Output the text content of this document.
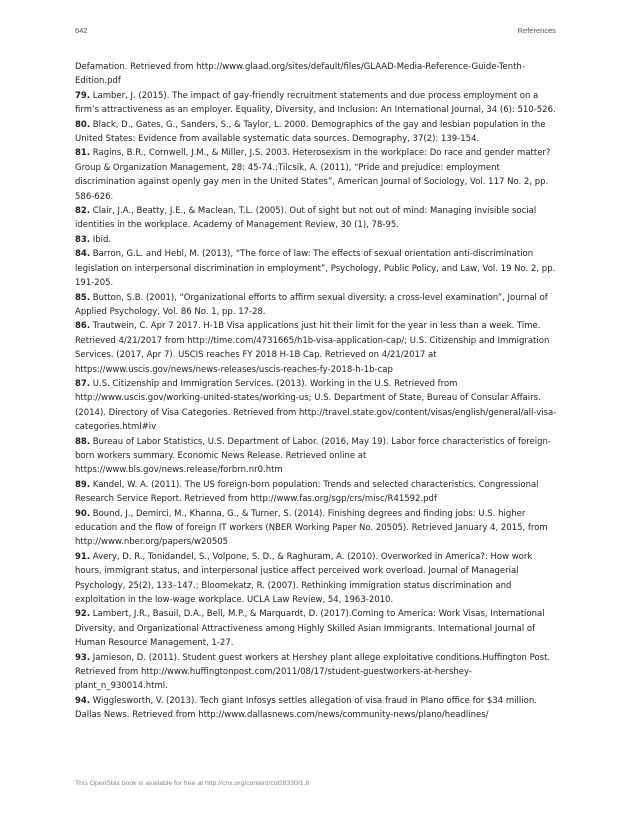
642	References

Defamation. Retrieved from http://www.glaad.org/sites/default/files/GLAAD-Media-Reference-Guide-Tenth-Edition.pdf

79. Lamber, J. (2015). The impact of gay-friendly recruitment statements and due process employment on a firm’s attractiveness as an employer. Equality, Diversity, and Inclusion: An International Journal, 34 (6): 510-526.

80. Black, D., Gates, G., Sanders, S., & Taylor, L. 2000. Demographics of the gay and lesbian population in the United States: Evidence from available systematic data sources. Demography, 37(2): 139-154.

81. Ragins, B.R., Cornwell, J.M., & Miller, J.S. 2003. Heterosexism in the workplace: Do race and gender matter? Group & Organization Management, 28: 45-74.;Tilcsik, A. (2011), “Pride and prejudice: employment discrimination against openly gay men in the United States”, American Journal of Sociology, Vol. 117 No. 2, pp. 586-626.

82. Clair, J.A., Beatty, J.E., & Maclean, T.L. (2005). Out of sight but not out of mind: Managing invisible social identities in the workplace. Academy of Management Review, 30 (1), 78-95.

83. Ibid.

84. Barron, G.L. and Hebl, M. (2013), “The force of law: The effects of sexual orientation anti-discrimination legislation on interpersonal discrimination in employment”, Psychology, Public Policy, and Law, Vol. 19 No. 2, pp. 191-205.

85. Button, S.B. (2001), “Organizational efforts to affirm sexual diversity: a cross-level examination”, Journal of Applied Psychology, Vol. 86 No. 1, pp. 17-28.

86. Trautwein, C. Apr 7 2017. H-1B Visa applications just hit their limit for the year in less than a week. Time. Retrieved 4/21/2017 from http://time.com/4731665/h1b-visa-application-cap/; U.S. Citizenship and Immigration Services. (2017, Apr 7). USCIS reaches FY 2018 H-1B Cap. Retrieved on 4/21/2017 at https://www.uscis.gov/news/news-releases/uscis-reaches-fy-2018-h-1b-cap

87. U.S. Citizenship and Immigration Services. (2013). Working in the U.S. Retrieved from http://www.uscis.gov/working-united-states/working-us; U.S. Department of State, Bureau of Consular Affairs. (2014). Directory of Visa Categories. Retrieved from http://travel.state.gov/content/visas/english/general/all-visa-categories.html#iv

88. Bureau of Labor Statistics, U.S. Department of Labor. (2016, May 19). Labor force characteristics of foreign-born workers summary. Economic News Release. Retrieved online at https://www.bls.gov/news.release/forbrn.nr0.htm

89. Kandel, W. A. (2011). The US foreign-born population: Trends and selected characteristics. Congressional Research Service Report. Retrieved from http://www.fas.org/sgp/crs/misc/R41592.pdf

90. Bound, J., Demirci, M., Khanna, G., & Turner, S. (2014). Finishing degrees and finding jobs: U.S. higher education and the flow of foreign IT workers (NBER Working Paper No. 20505). Retrieved January 4, 2015, from http://www.nber.org/papers/w20505

91. Avery, D. R., Tonidandel, S., Volpone, S. D., & Raghuram, A. (2010). Overworked in America?: How work hours, immigrant status, and interpersonal justice affect perceived work overload. Journal of Managerial Psychology, 25(2), 133–147.; Bloomekatz, R. (2007). Rethinking immigration status discrimination and exploitation in the low-wage workplace. UCLA Law Review, 54, 1963-2010.

92. Lambert, J.R., Basuil, D.A., Bell, M.P., & Marquardt, D. (2017).Coming to America: Work Visas, International Diversity, and Organizational Attractiveness among Highly Skilled Asian Immigrants. International Journal of Human Resource Management, 1-27.

93. Jamieson, D. (2011). Student guest workers at Hershey plant allege exploitative conditions.Huffington Post. Retrieved from http://www.huffingtonpost.com/2011/08/17/student-guestworkers-at-hershey-plant_n_930014.html.

94. Wigglesworth, V. (2013). Tech giant Infosys settles allegation of visa fraud in Plano office for $34 million. Dallas News. Retrieved from http://www.dallasnews.com/news/community-news/plano/headlines/

This OpenStax book is available for free at http://cnx.org/content/col28330/1.8
